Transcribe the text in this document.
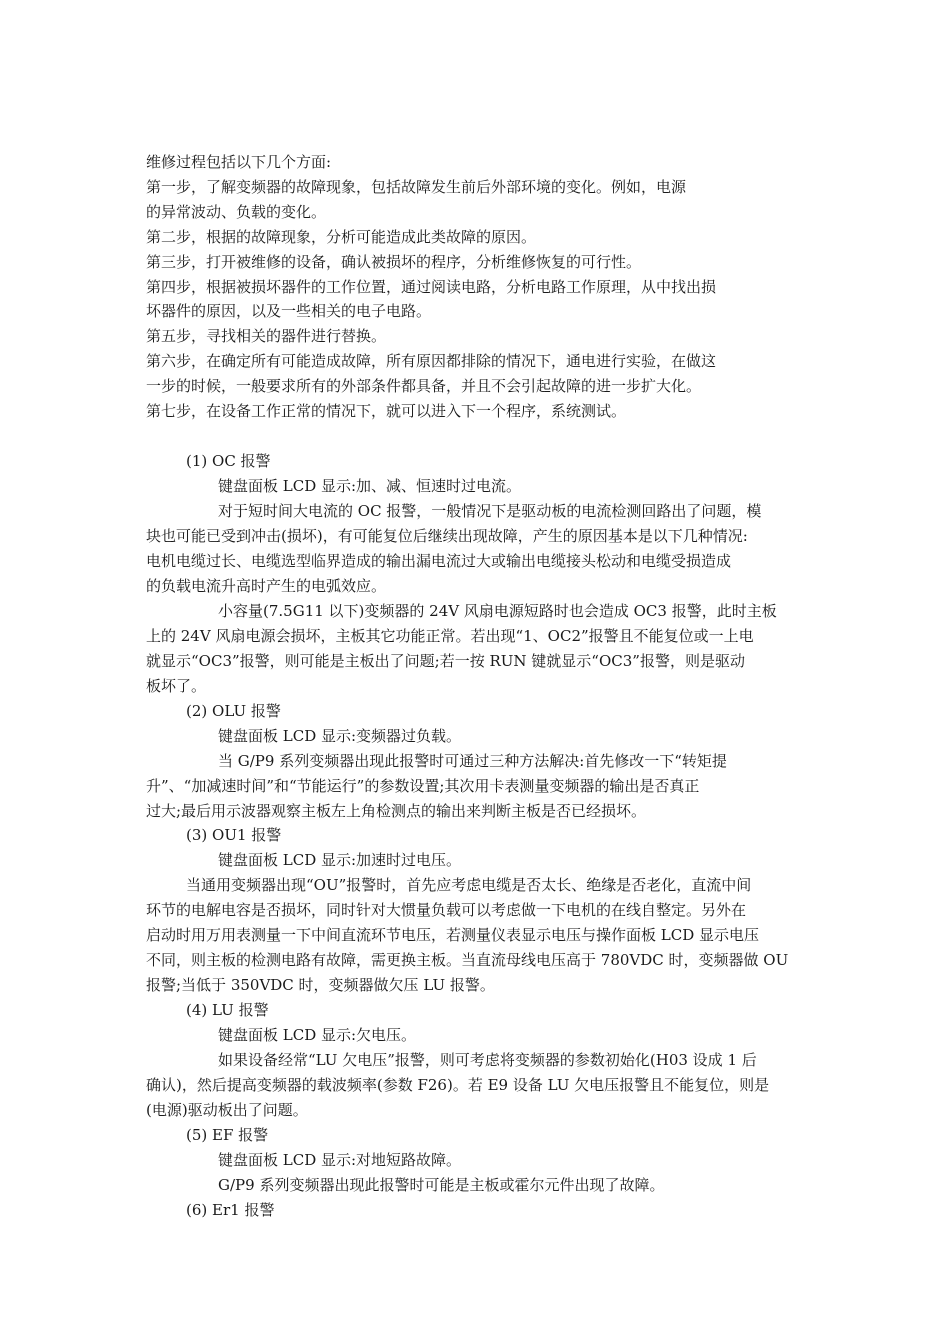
维修过程包括以下几个方面:
第一步，了解变频器的故障现象，包括故障发生前后外部环境的变化。例如，电源
的异常波动、负载的变化。
第二步，根据的故障现象，分析可能造成此类故障的原因。
第三步，打开被维修的设备，确认被损坏的程序，分析维修恢复的可行性。
第四步，根据被损坏器件的工作位置，通过阅读电路，分析电路工作原理，从中找出损
坏器件的原因，以及一些相关的电子电路。
第五步，寻找相关的器件进行替换。
第六步，在确定所有可能造成故障，所有原因都排除的情况下，通电进行实验，在做这
一步的时候，一般要求所有的外部条件都具备，并且不会引起故障的进一步扩大化。
第七步，在设备工作正常的情况下，就可以进入下一个程序，系统测试。
(1) OC 报警
键盘面板 LCD 显示:加、减、恒速时过电流。
对于短时间大电流的 OC 报警，一般情况下是驱动板的电流检测回路出了问题，模
块也可能已受到冲击(损坏)，有可能复位后继续出现故障，产生的原因基本是以下几种情况:
电机电缆过长、电缆选型临界造成的输出漏电流过大或输出电缆接头松动和电缆受损造成
的负载电流升高时产生的电弧效应。
小容量(7.5G11 以下)变频器的 24V 风扇电源短路时也会造成 OC3 报警，此时主板
上的 24V 风扇电源会损坏，主板其它功能正常。若出现“1、OC2”报警且不能复位或一上电
就显示“OC3”报警，则可能是主板出了问题;若一按 RUN 键就显示“OC3”报警，则是驱动
板坏了。
(2) OLU 报警
键盘面板 LCD 显示:变频器过负载。
当 G/P9 系列变频器出现此报警时可通过三种方法解决:首先修改一下“转矩提
升”、“加减速时间”和“节能运行”的参数设置;其次用卡表测量变频器的输出是否真正
过大;最后用示波器观察主板左上角检测点的输出来判断主板是否已经损坏。
(3) OU1 报警
键盘面板 LCD 显示:加速时过电压。
当通用变频器出现“OU”报警时，首先应考虑电缆是否太长、绝缘是否老化，直流中间
环节的电解电容是否损坏，同时针对大惯量负载可以考虑做一下电机的在线自整定。另外在
启动时用万用表测量一下中间直流环节电压，若测量仪表显示电压与操作面板 LCD 显示电压
不同，则主板的检测电路有故障，需更换主板。当直流母线电压高于 780VDC 时，变频器做 OU
报警;当低于 350VDC 时，变频器做欠压 LU 报警。
(4) LU 报警
键盘面板 LCD 显示:欠电压。
如果设备经常“LU 欠电压”报警，则可考虑将变频器的参数初始化(H03 设成 1 后
确认)，然后提高变频器的载波频率(参数 F26)。若 E9 设备 LU 欠电压报警且不能复位，则是
(电源)驱动板出了问题。
(5) EF 报警
键盘面板 LCD 显示:对地短路故障。
G/P9 系列变频器出现此报警时可能是主板或霍尔元件出现了故障。
(6) Er1 报警
